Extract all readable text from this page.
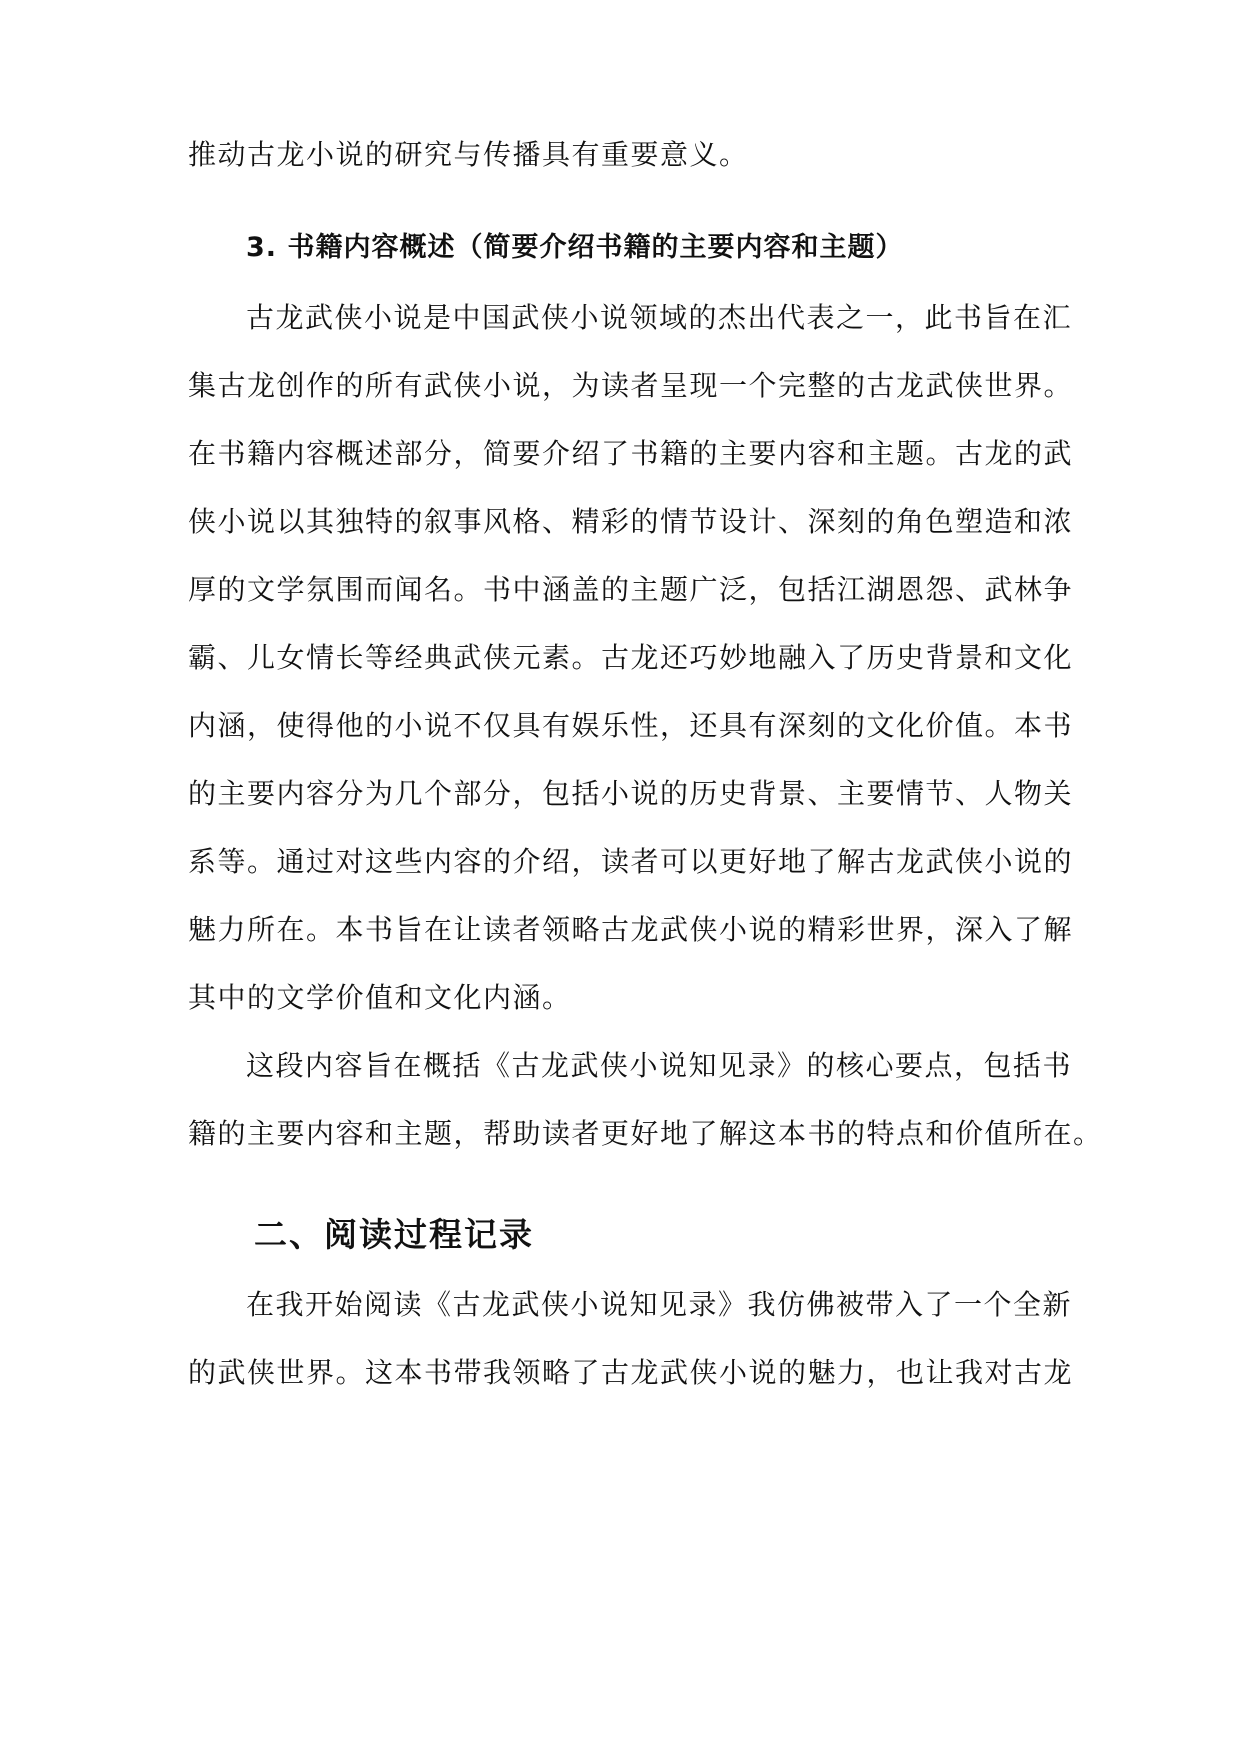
推动古龙小说的研究与传播具有重要意义。
3. 书籍内容概述（简要介绍书籍的主要内容和主题）
古龙武侠小说是中国武侠小说领域的杰出代表之一，此书旨在汇
集古龙创作的所有武侠小说，为读者呈现一个完整的古龙武侠世界。
在书籍内容概述部分，简要介绍了书籍的主要内容和主题。古龙的武
侠小说以其独特的叙事风格、精彩的情节设计、深刻的角色塑造和浓
厚的文学氛围而闻名。书中涵盖的主题广泛，包括江湖恩怨、武林争
霸、儿女情长等经典武侠元素。古龙还巧妙地融入了历史背景和文化
内涵，使得他的小说不仅具有娱乐性，还具有深刻的文化价值。本书
的主要内容分为几个部分，包括小说的历史背景、主要情节、人物关
系等。通过对这些内容的介绍，读者可以更好地了解古龙武侠小说的
魅力所在。本书旨在让读者领略古龙武侠小说的精彩世界，深入了解
其中的文学价值和文化内涵。
这段内容旨在概括《古龙武侠小说知见录》的核心要点，包括书
籍的主要内容和主题，帮助读者更好地了解这本书的特点和价值所在。
二、阅读过程记录
在我开始阅读《古龙武侠小说知见录》我仿佛被带入了一个全新
的武侠世界。这本书带我领略了古龙武侠小说的魅力，也让我对古龙
